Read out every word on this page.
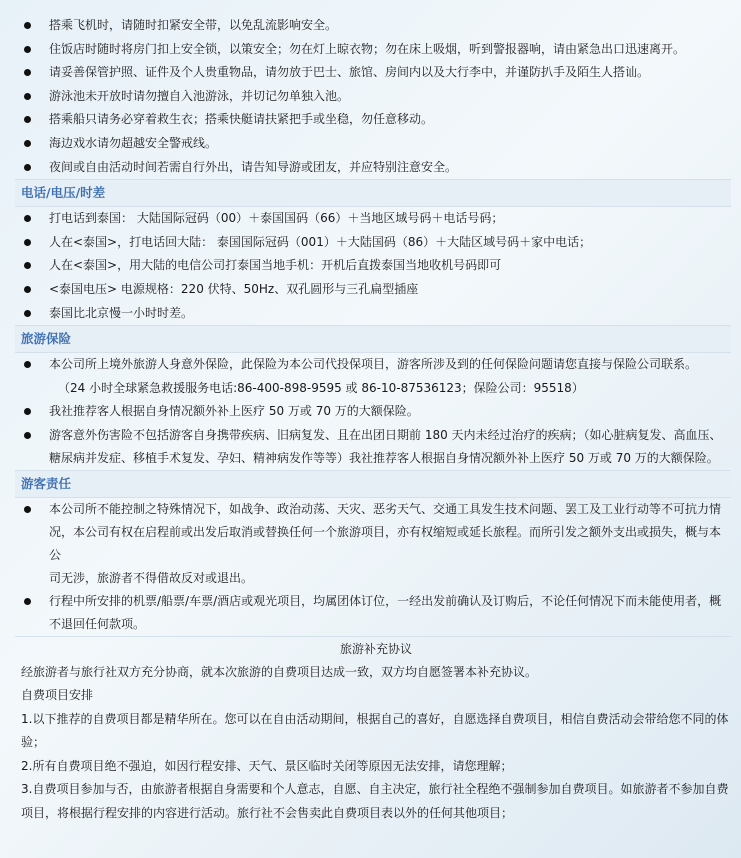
搭乘飞机时，请随时扣紧安全带，以免乱流影响安全。
住饭店时随时将房门扣上安全锁，以策安全；勿在灯上晾衣物；勿在床上吸烟，听到警报器响，请由紧急出口迅速离开。
请妥善保管护照、证件及个人贵重物品，请勿放于巴士、旅馆、房间内以及大行李中，并谨防扒手及陌生人搭讪。
游泳池未开放时请勿擅自入池游泳，并切记勿单独入池。
搭乘船只请务必穿着救生衣；搭乘快艇请扶紧把手或坐稳，勿任意移动。
海边戏水请勿超越安全警戒线。
夜间或自由活动时间若需自行外出，请告知导游或团友，并应特别注意安全。
电话/电压/时差
打电话到泰国： 大陆国际冠码（00）＋泰国国码（66）＋当地区域号码＋电话号码；
人在<泰国>，打电话回大陆： 泰国国际冠码（001）＋大陆国码（86）＋大陆区域号码＋家中电话；
人在<泰国>，用大陆的电信公司打泰国当地手机：开机后直拨泰国当地收机号码即可
<泰国电压> 电源规格：220 伏特、50Hz、双孔圆形与三孔扁型插座
泰国比北京慢一小时时差。
旅游保险
本公司所上境外旅游人身意外保险，此保险为本公司代投保项目，游客所涉及到的任何保险问题请您直接与保险公司联系。
（24 小时全球紧急救援服务电话:86-400-898-9595 或 86-10-87536123；保险公司：95518）
我社推荐客人根据自身情况额外补上医疗 50 万或 70 万的大额保险。
游客意外伤害险不包括游客自身携带疾病、旧病复发、且在出团日期前 180 天内未经过治疗的疾病；（如心脏病复发、高血压、
糖尿病并发症、移植手术复发、孕妇、精神病发作等等）我社推荐客人根据自身情况额外补上医疗 50 万或 70 万的大额保险。
游客责任
本公司所不能控制之特殊情况下，如战争、政治动荡、天灾、恶劣天气、交通工具发生技术问题、罢工及工业行动等不可抗力情
况，本公司有权在启程前或出发后取消或替换任何一个旅游项目，亦有权缩短或延长旅程。而所引发之额外支出或损失，概与本公
司无涉，旅游者不得借故反对或退出。
行程中所安排的机票/船票/车票/酒店或观光项目，均属团体订位，一经出发前确认及订购后，不论任何情况下而未能使用者，概
不退回任何款项。
旅游补充协议

经旅游者与旅行社双方充分协商，就本次旅游的自费项目达成一致，双方均自愿签署本补充协议。

自费项目安排

1.以下推荐的自费项目都是精华所在。您可以在自由活动期间，根据自己的喜好，自愿选择自费项目，相信自费活动会带给您不同的体
验；

2.所有自费项目绝不强迫，如因行程安排、天气、景区临时关闭等原因无法安排，请您理解；

3.自费项目参加与否，由旅游者根据自身需要和个人意志，自愿、自主决定，旅行社全程绝不强制参加自费项目。如旅游者不参加自费
项目，将根据行程安排的内容进行活动。旅行社不会售卖此自费项目表以外的任何其他项目；
